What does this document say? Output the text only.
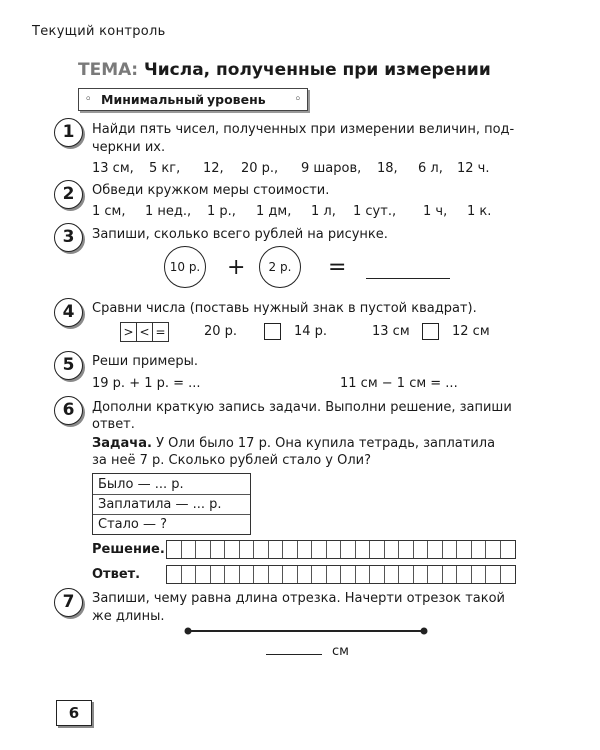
Текущий контроль
ТЕМА: Числа, полученные при измерении
◦ Минимальный уровень	◦
1	Найди пять чисел, полученных при измерении величин, под-
черкни их.
13 см, 5 кг, 12, 20 р., 9 шаров, 18, 6 л, 12 ч.
2	Обведи кружком меры стоимости.
1 см, 1 нед., 1 р., 1 дм, 1 л, 1 сут., 1 ч, 1 к.
3	Запиши, сколько всего рублей на рисунке.
10 р. +	2 р.	=
4	Сравни числа (поставь нужный знак в пустой квадрат).
> < =	20 р.	14 р.	13 см	12 см
5	Реши примеры.
19 р. + 1 р. = ...	11 см − 1 см = ...
6	Дополни краткую запись задачи. Выполни решение, запиши
ответ.
Задача. У Оли было 17 р. Она купила тетрадь, заплатила
за неё 7 р. Сколько рублей стало у Оли?
Было — ... р.
Заплатила — ... р.
Стало — ?
Решение.
Ответ.
7	Запиши, чему равна длина отрезка. Начерти отрезок такой
же длины.
см
6
